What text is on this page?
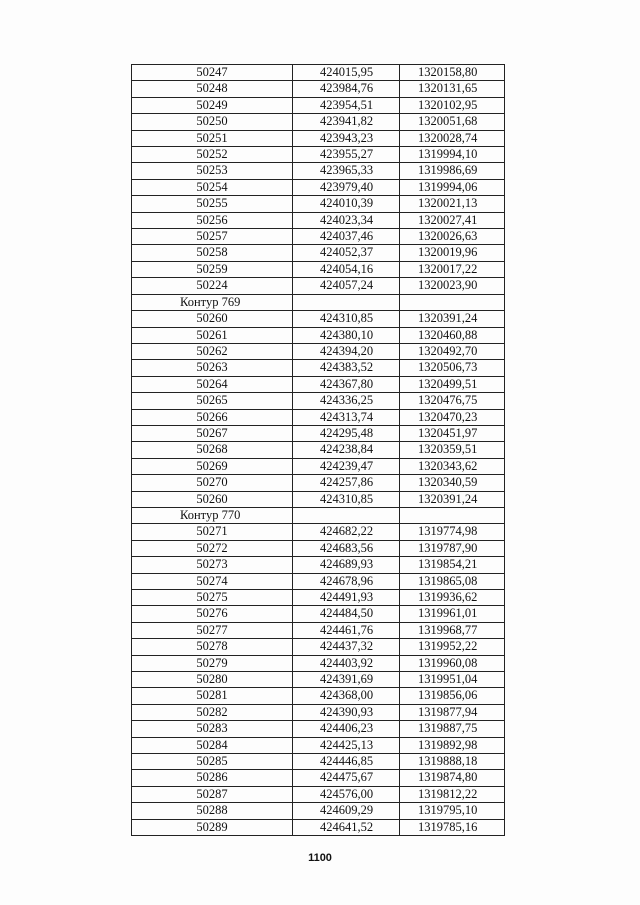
50247	424015,95	1320158,80
50248	423984,76	1320131,65
50249	423954,51	1320102,95
50250	423941,82	1320051,68
50251	423943,23	1320028,74
50252	423955,27	1319994,10
50253	423965,33	1319986,69
50254	423979,40	1319994,06
50255	424010,39	1320021,13
50256	424023,34	1320027,41
50257	424037,46	1320026,63
50258	424052,37	1320019,96
50259	424054,16	1320017,22
50224	424057,24	1320023,90
Контур 769		
50260	424310,85	1320391,24
50261	424380,10	1320460,88
50262	424394,20	1320492,70
50263	424383,52	1320506,73
50264	424367,80	1320499,51
50265	424336,25	1320476,75
50266	424313,74	1320470,23
50267	424295,48	1320451,97
50268	424238,84	1320359,51
50269	424239,47	1320343,62
50270	424257,86	1320340,59
50260	424310,85	1320391,24
Контур 770		
50271	424682,22	1319774,98
50272	424683,56	1319787,90
50273	424689,93	1319854,21
50274	424678,96	1319865,08
50275	424491,93	1319936,62
50276	424484,50	1319961,01
50277	424461,76	1319968,77
50278	424437,32	1319952,22
50279	424403,92	1319960,08
50280	424391,69	1319951,04
50281	424368,00	1319856,06
50282	424390,93	1319877,94
50283	424406,23	1319887,75
50284	424425,13	1319892,98
50285	424446,85	1319888,18
50286	424475,67	1319874,80
50287	424576,00	1319812,22
50288	424609,29	1319795,10
50289	424641,52	1319785,16
1100
